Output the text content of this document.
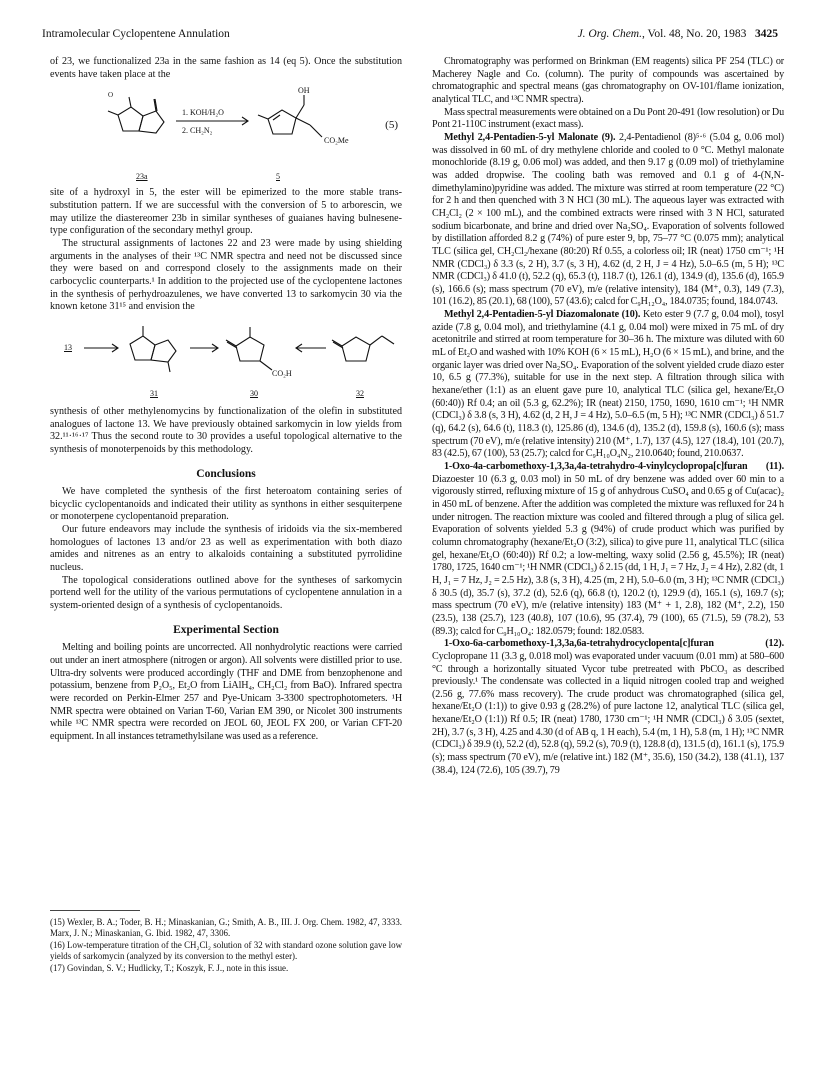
Intramolecular Cyclopentene Annulation	J. Org. Chem., Vol. 48, No. 20, 1983 3425

of 23, we functionalized 23a in the same fashion as 14 (eq 5). Once the substitution events have taken place at the

O
1. KOH/H₂O
2. CH₂N₂
OH
CO₂Me
23a	5
(5)

site of a hydroxyl in 5, the ester will be epimerized to the more stable trans-substitution pattern. If we are successful with the conversion of 5 to arborescin, we may utilize the diastereomer 23b in similar syntheses of guaianes having bulnesene-type configuration of the secondary methyl group.

The structural assignments of lactones 22 and 23 were made by using shielding arguments in the analyses of their ¹³C NMR spectra and need not be discussed since they were based on and correspond closely to the assignments made on their carbocyclic counterparts.¹ In addition to the projected use of the cyclopentene lactones in the synthesis of perhydroazulenes, we have converted 13 to sarkomycin 30 via the known ketone 31¹⁵ and envision the

13
CO₂H
31	30	32

synthesis of other methylenomycins by functionalization of the olefin in substituted analogues of lactone 13. We have previously obtained sarkomycin in low yields from 32.¹¹·¹⁶·¹⁷ Thus the second route to 30 provides a useful topological alternative to the synthesis of monoterpenoids by this methodology.

Conclusions

We have completed the synthesis of the first heteroatom containing series of bicyclic cyclopentanoids and indicated their utility as synthons in either sesquiterpene or monoterpene cyclopentanoid preparation.

Our future endeavors may include the synthesis of iridoids via the six-membered homologues of lactones 13 and/or 23 as well as experimentation with both diazo amides and nitrenes as an entry to alkaloids containing a substituted pyrrolidine nucleus.

The topological considerations outlined above for the syntheses of sarkomycin portend well for the utility of the various permutations of cyclopentene annulation in a system-oriented design of a synthesis of cyclopentanoids.

Experimental Section

Melting and boiling points are uncorrected. All nonhydrolytic reactions were carried out under an inert atmosphere (nitrogen or argon). All solvents were distilled prior to use. Ultra-dry solvents were produced accordingly (THF and DME from benzophenone and potassium, benzene from P₂O₅, Et₂O from LiAlH₄, CH₂Cl₂ from BaO). Infrared spectra were recorded on Perkin-Elmer 257 and Pye-Unicam 3-3300 spectrophotometers. ¹H NMR spectra were obtained on Varian T-60, Varian EM 390, or Nicolet 300 instruments while ¹³C NMR spectra were recorded on JEOL 60, JEOL FX 200, or Varian CFT-20 equipment. In all instances tetramethylsilane was used as a reference.

(15) Wexler, B. A.; Toder, B. H.; Minaskanian, G.; Smith, A. B., III. J. Org. Chem. 1982, 47, 3333. Marx, J. N.; Minaskanian, G. Ibid. 1982, 47, 3306.
(16) Low-temperature titration of the CH₂Cl₂ solution of 32 with standard ozone solution gave low yields of sarkomycin (analyzed by its conversion to the methyl ester).
(17) Govindan, S. V.; Hudlicky, T.; Koszyk, F. J., note in this issue.

Chromatography was performed on Brinkman (EM reagents) silica PF 254 (TLC) or Macherey Nagle and Co. (column). The purity of compounds was ascertained by chromatographic and spectral means (gas chromatography on OV-101/flame ionization, analytical TLC, and ¹³C NMR spectra).

Mass spectral measurements were obtained on a Du Pont 20-491 (low resolution) or Du Pont 21-110C instrument (exact mass).

Methyl 2,4-Pentadien-5-yl Malonate (9). 2,4-Pentadienol (8)⁵·⁶ (5.04 g, 0.06 mol) was dissolved in 60 mL of dry methylene chloride and cooled to 0 °C. Methyl malonate monochloride (8.19 g, 0.06 mol) was added, and then 9.17 g (0.09 mol) of triethylamine was added dropwise. The cooling bath was removed and 0.1 g of 4-(N,N-dimethylamino)pyridine was added. The mixture was stirred at room temperature (22 °C) for 2 h and then quenched with 3 N HCl (30 mL). The aqueous layer was extracted with CH₂Cl₂ (2 × 100 mL), and the combined extracts were rinsed with 3 N HCl, saturated sodium bicarbonate, and brine and dried over Na₂SO₄. Evaporation of solvents followed by distillation afforded 8.2 g (74%) of pure ester 9, bp, 75–77 °C (0.075 mm); analytical TLC (silica gel, CH₂Cl₂/hexane (80:20) Rf 0.55, a colorless oil; IR (neat) 1750 cm⁻¹; ¹H NMR (CDCl₃) δ 3.3 (s, 2 H), 3.7 (s, 3 H), 4.62 (d, 2 H, J = 4 Hz), 5.0–6.5 (m, 5 H); ¹³C NMR (CDCl₃) δ 41.0 (t), 52.2 (q), 65.3 (t), 118.7 (t), 126.1 (d), 134.9 (d), 135.6 (d), 165.9 (s), 166.6 (s); mass spectrum (70 eV), m/e (relative intensity), 184 (M⁺, 0.3), 149 (7.3), 101 (16.2), 85 (20.1), 68 (100), 57 (43.6); calcd for C₉H₁₂O₄, 184.0735; found, 184.0743.

Methyl 2,4-Pentadien-5-yl Diazomalonate (10). Keto ester 9 (7.7 g, 0.04 mol), tosyl azide (7.8 g, 0.04 mol), and triethylamine (4.1 g, 0.04 mol) were mixed in 75 mL of dry acetonitrile and stirred at room temperature for 30–36 h. The mixture was diluted with 60 mL of Et₂O and washed with 10% KOH (6 × 15 mL), H₂O (6 × 15 mL), and brine, and the organic layer was dried over Na₂SO₄. Evaporation of the solvent yielded crude diazo ester 10, 6.5 g (77.3%), suitable for use in the next step. A filtration through silica with hexane/ether (1:1) as an eluent gave pure 10, analytical TLC (silica gel, hexane/Et₂O (60:40)) Rf 0.4; an oil (5.3 g, 62.2%); IR (neat) 2150, 1750, 1690, 1610 cm⁻¹; ¹H NMR (CDCl₃) δ 3.8 (s, 3 H), 4.62 (d, 2 H, J = 4 Hz), 5.0–6.5 (m, 5 H); ¹³C NMR (CDCl₃) δ 51.7 (q), 64.2 (s), 64.6 (t), 118.3 (t), 125.86 (d), 134.6 (d), 135.2 (d), 159.8 (s), 160.6 (s); mass spectrum (70 eV), m/e (relative intensity) 210 (M⁺, 1.7), 137 (4.5), 127 (18.4), 101 (20.7), 83 (42.5), 67 (100), 53 (25.7); calcd for C₉H₁₀O₄N₂, 210.0640; found, 210.0637.

1-Oxo-4a-carbomethoxy-1,3,3a,4a-tetrahydro-4-vinylcyclopropa[c]furan (11). Diazoester 10 (6.3 g, 0.03 mol) in 50 mL of dry benzene was added over 60 min to a vigorously stirred, refluxing mixture of 15 g of anhydrous CuSO₄ and 0.65 g of Cu(acac)₂ in 450 mL of benzene. After the addition was completed the mixture was refluxed for 24 h under nitrogen. The reaction mixture was cooled and filtered through a plug of silica gel. Evaporation of solvents yielded 5.3 g (94%) of crude product which was purified by column chromatography (hexane/Et₂O (3:2), silica) to give pure 11, analytical TLC (silica gel, hexane/Et₂O (60:40)) Rf 0.2; a low-melting, waxy solid (2.56 g, 45.5%); IR (neat) 1780, 1725, 1640 cm⁻¹; ¹H NMR (CDCl₃) δ 2.15 (dd, 1 H, J₁ = 7 Hz, J₂ = 4 Hz), 2.82 (dt, 1 H, J₁ = 7 Hz, J₂ = 2.5 Hz), 3.8 (s, 3 H), 4.25 (m, 2 H), 5.0–6.0 (m, 3 H); ¹³C NMR (CDCl₃) δ 30.5 (d), 35.7 (s), 37.2 (d), 52.6 (q), 66.8 (t), 120.2 (t), 129.9 (d), 165.1 (s), 169.7 (s); mass spectrum (70 eV), m/e (relative intensity) 183 (M⁺ + 1, 2.8), 182 (M⁺, 2.2), 150 (23.5), 138 (25.7), 123 (40.8), 107 (10.6), 95 (37.4), 79 (100), 65 (71.5), 59 (78.2), 53 (89.3); calcd for C₉H₁₀O₄: 182.0579; found: 182.0583.

1-Oxo-6a-carbomethoxy-1,3,3a,6a-tetrahydrocyclopenta[c]furan (12). Cyclopropane 11 (3.3 g, 0.018 mol) was evaporated under vacuum (0.01 mm) at 580–600 °C through a horizontally situated Vycor tube pretreated with PbCO₃ as described previously.¹ The condensate was collected in a liquid nitrogen cooled trap and weighed (2.56 g, 77.6% mass recovery). The crude product was chromatographed (silica gel, hexane/Et₂O (1:1)) to give 0.93 g (28.2%) of pure lactone 12, analytical TLC (silica gel, hexane/Et₂O (1:1)) Rf 0.5; IR (neat) 1780, 1730 cm⁻¹; ¹H NMR (CDCl₃) δ 3.05 (sextet, 2H), 3.7 (s, 3 H), 4.25 and 4.30 (d of AB q, 1 H each), 5.4 (m, 1 H), 5.8 (m, 1 H); ¹³C NMR (CDCl₃) δ 39.9 (t), 52.2 (d), 52.8 (q), 59.2 (s), 70.9 (t), 128.8 (d), 131.5 (d), 161.1 (s), 175.9 (s); mass spectrum (70 eV), m/e (relative int.) 182 (M⁺, 35.6), 150 (34.2), 138 (41.1), 137 (38.4), 124 (72.6), 105 (39.7), 79
